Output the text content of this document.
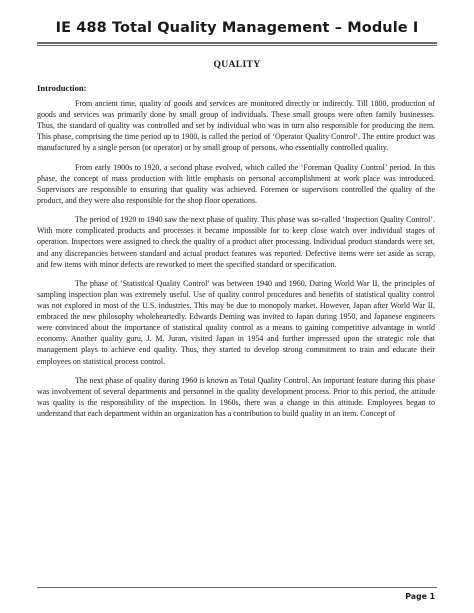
IE 488 Total Quality Management – Module I
QUALITY
Introduction:

From ancient time, quality of goods and services are monitored directly or indirectly. Till 1800, production of goods and services was primarily done by small group of individuals. These small groups were often family businesses. Thus, the standard of quality was controlled and set by individual who was in turn also responsible for producing the item. This phase, comprising the time period up to 1900, is called the period of ‘Operator Quality Control’. The entire product was manufactured by a single person (or operator) or by small group of persons, who essentially controlled quality.

From early 1900s to 1920, a second phase evolved, which called the ‘Foreman Quality Control’ period. In this phase, the concept of mass production with little emphasis on personal accomplishment at work place was introduced. Supervisors are responsible to ensuring that quality was achieved. Foremen or supervisors controlled the quality of the product, and they were also responsible for the shop floor operations.

The period of 1920 to 1940 saw the next phase of quality. This phase was so-called ‘Inspection Quality Control’. With more complicated products and processes it became impossible for to keep close watch over individual stages of operation. Inspectors were assigned to check the quality of a product after processing. Individual product standards were set, and any discrepancies between standard and actual product features was reported. Defective items were set aside as scrap, and few items with minor defects are reworked to meet the specified standard or specification.

The phase of ‘Statistical Quality Control’ was between 1940 and 1960. During World War II, the principles of sampling inspection plan was extremely useful. Use of quality control procedures and benefits of statistical quality control was not explored in most of the U.S. industries. This may be due to monopoly market. However, Japan after World War II, embraced the new philosophy wholeheartedly. Edwards Deming was invited to Japan during 1950, and Japanese engineers were convinced about the importance of statistical quality control as a means to gaining competitive advantage in world economy. Another quality guru, J. M. Juran, visited Japan in 1954 and further impressed upon the strategic role that management plays to achieve end quality. Thus, they started to develop strong commitment to train and educate their employees on statistical process control.

The next phase of quality during 1960 is known as Total Quality Control. An important feature during this phase was involvement of several departments and personnel in the quality development process. Prior to this period, the attitude was quality is the responsibility of the inspection. In 1960s, there was a change in this attitude. Employees began to understand that each department within an organization has a contribution to build quality in an item. Concept of

Page 1
